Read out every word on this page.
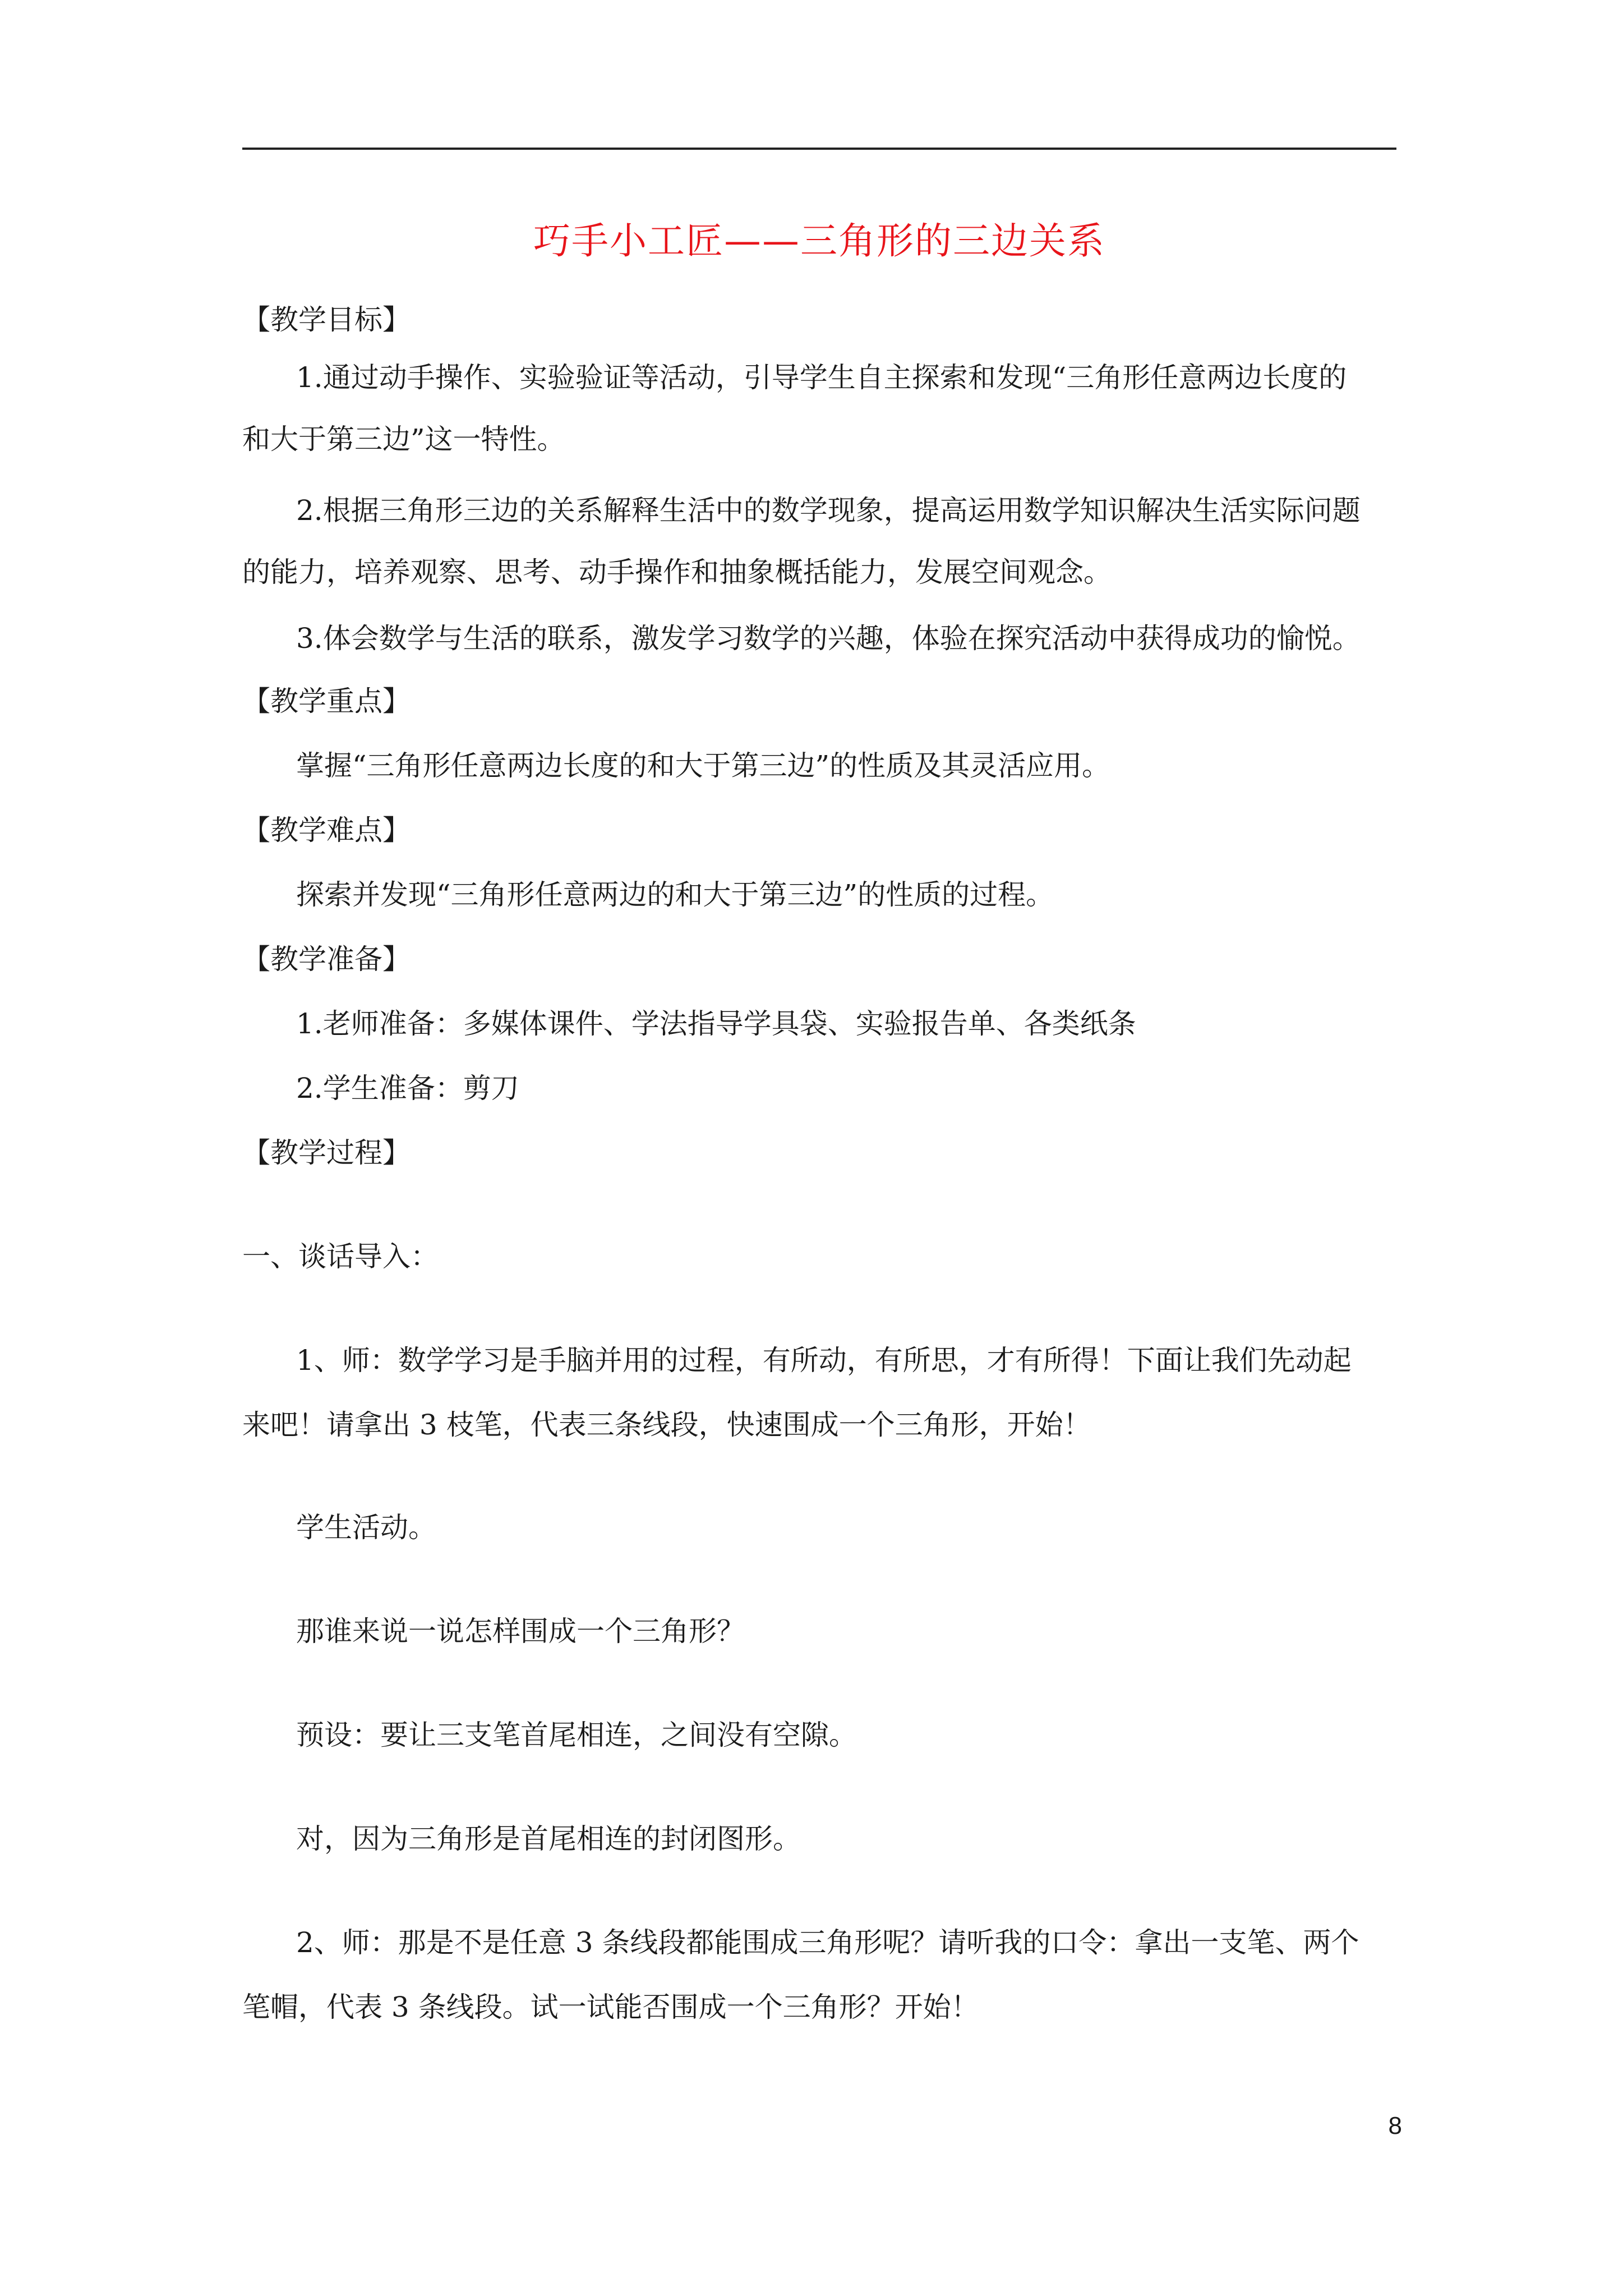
巧手小工匠——三角形的三边关系
【教学目标】
1.通过动手操作、实验验证等活动，引导学生自主探索和发现“三角形任意两边长度的
和大于第三边”这一特性。
2.根据三角形三边的关系解释生活中的数学现象，提高运用数学知识解决生活实际问题
的能力，培养观察、思考、动手操作和抽象概括能力，发展空间观念。
3.体会数学与生活的联系，激发学习数学的兴趣，体验在探究活动中获得成功的愉悦。
【教学重点】
掌握“三角形任意两边长度的和大于第三边”的性质及其灵活应用。
【教学难点】
探索并发现“三角形任意两边的和大于第三边”的性质的过程。
【教学准备】
1.老师准备：多媒体课件、学法指导学具袋、实验报告单、各类纸条
2.学生准备：剪刀
【教学过程】
一、谈话导入：
1、师：数学学习是手脑并用的过程，有所动，有所思，才有所得！下面让我们先动起
来吧！请拿出 3 枝笔，代表三条线段，快速围成一个三角形，开始！
学生活动。
那谁来说一说怎样围成一个三角形？
预设：要让三支笔首尾相连，之间没有空隙。
对，因为三角形是首尾相连的封闭图形。
2、师：那是不是任意 3 条线段都能围成三角形呢？请听我的口令：拿出一支笔、两个
笔帽，代表 3 条线段。试一试能否围成一个三角形？开始！
8
